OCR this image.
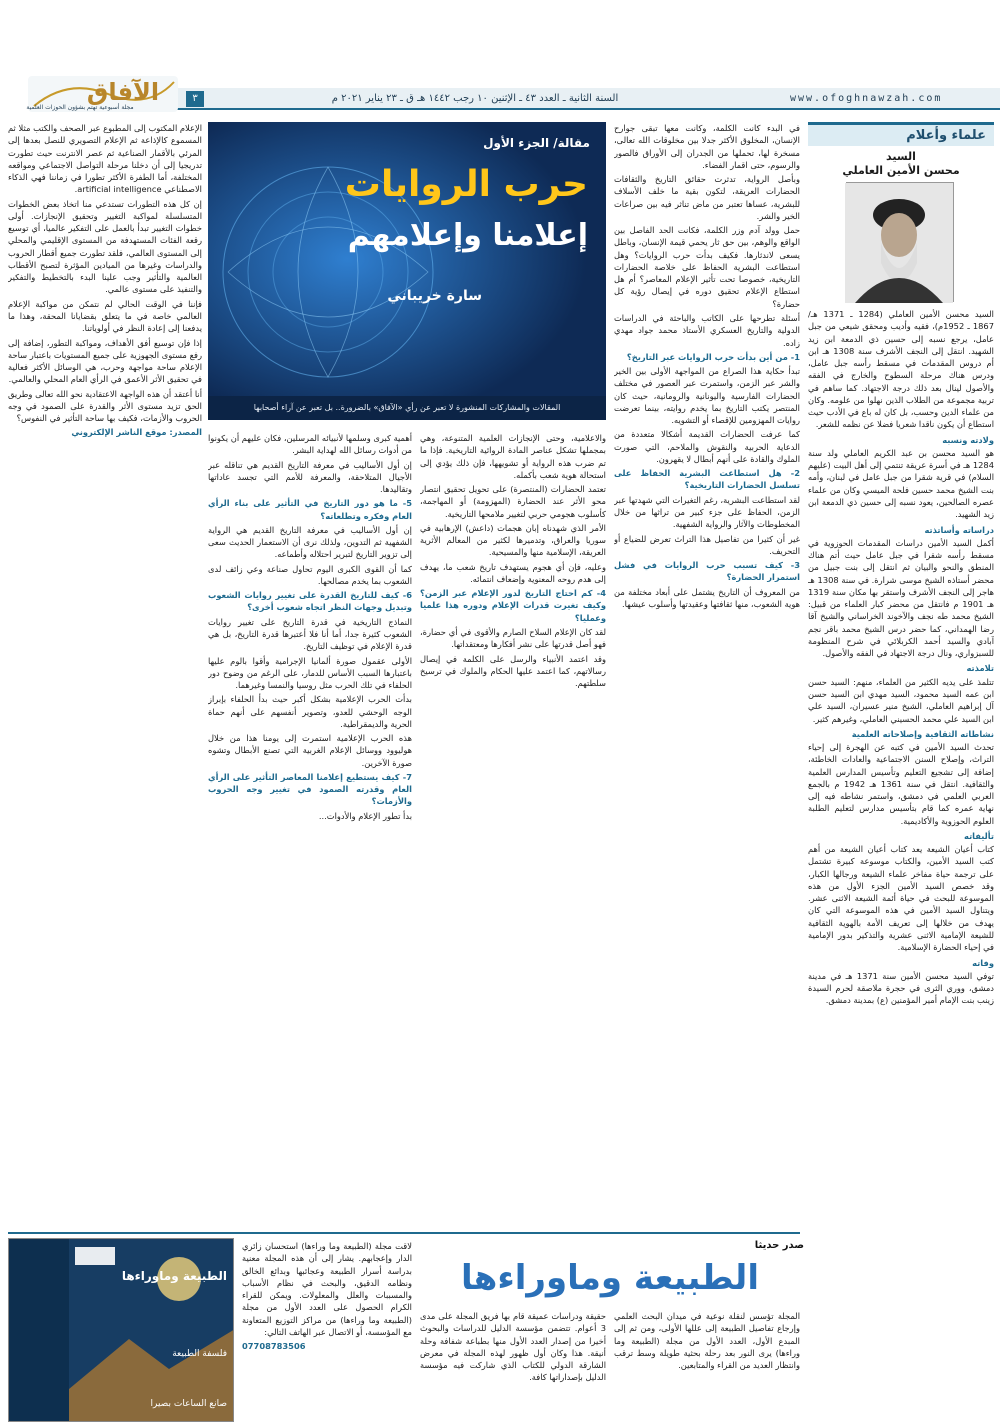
www.ofoghnawzah.com
السنة الثانية ـ العدد ٤٣ ـ الإثنين ١٠ رجب ١٤٤٢ هـ ق ـ ٢٣ يناير ٢٠٢١ م
٣
الآفاق
مجلة أسبوعية تهتم بشؤون الحوزات العلمية
علماء وأعلام
السيد
محسن الأمين العاملي

السيد محسن الأمين العاملي (1284 ـ 1371 هـ/ 1867 ـ 1952م)، فقيه وأديب ومحقق شيعي من جبل عامل، يرجع نسبه إلى حسين ذي الدمعة ابن زيد الشهيد. انتقل إلى النجف الأشرف سنة 1308 هـ ابن أم دروس المقدمات في مسقط رأسه جبل عامل، ودرس هناك مرحلة السطوح والخارج في الفقه والأصول لينال بعد ذلك درجة الاجتهاد. كما ساهم في تربية مجموعة من الطلاب الذين نهلوا من علومه. وكان من علماء الدين وحسب، بل كان له باع في الأدب حيث استطاع أن يكون ناقدا شعريا فضلا عن نظمه للشعر.

ولادته ونسبه

هو السيد محسن بن عبد الكريم العاملي ولد سنة 1284 هـ في أسرة عريقة تنتمي إلى أهل البيت (عليهم السلام) في قرية شقرا من جبل عامل في لبنان، وأمه بنت الشيخ محمد حسين فلحة الميسي وكان من علماء عصره الصالحين، يعود نسبه إلى حسين ذي الدمعة ابن زيد الشهيد.

دراساته وأساتذته

أكمل السيد الأمين دراسات المقدمات الحوزوية في مسقط رأسه شقرا في جبل عامل حيث أتم هناك المنطق والنحو والبيان ثم انتقل إلى بنت جبيل من محضر أستاذه الشيخ موسى شرارة. في سنة 1308 هـ هاجر إلى النجف الأشرف واستقر بها مكان سنة 1319 هـ 1901 م فانتقل من محضر كبار العلماء من قبيل: الشيخ محمد طه نجف والآخوند الخراساني والشيخ آقا رضا الهمداني، كما حضر درس الشيخ محمد باقر نجم آبادي والسيد أحمد الكربلائي في شرح المنظومة للسبزواري، ونال درجة الاجتهاد في الفقه والأصول.

تلامذته

تتلمذ على يديه الكثير من العلماء، منهم: السيد حسن ابن عمه السيد محمود، السيد مهدي ابن السيد حسن آل إبراهيم العاملي، الشيخ منير عسيران، السيد علي ابن السيد علي محمد الحسيني العاملي، وغيرهم كثير.

نشاطاته الثقافية وإصلاحاته العلمية

تحدث السيد الأمين في كتبه عن الهجرة إلى إحياء التراث، وإصلاح السنن الاجتماعية والعادات الخاطئة، إضافة إلى تشجيع التعليم وتأسيس المدارس العلمية والثقافية. انتقل في سنة 1361 هـ 1942 م بالجمع العربي العلمي في دمشق، واستمر نشاطه فيه إلى نهاية عمره كما قام بتأسيس مدارس لتعليم الطلبة العلوم الحوزوية والأكاديمية.

تأليفاته

كتاب أعيان الشيعة يعد كتاب أعيان الشيعة من أهم كتب السيد الأمين، والكتاب موسوعة كبيرة تشتمل على ترجمة حياة مفاخر علماء الشيعة ورجالها الكبار، وقد خصص السيد الأمين الجزء الأول من هذه الموسوعة للبحث في حياة أئمة الشيعة الاثنى عشر. ويتناول السيد الأمين في هذه الموسوعة التي كان يهدف من خلالها إلى تعريف الأمة بالهوية الثقافية للشيعة الإمامية الاثنى عشرية والتذكير بدور الإمامية في إحياء الحضارة الإسلامية.

وفاته

توفي السيد محسن الأمين سنة 1371 هـ في مدينة دمشق، ووري الثرى في حجرة ملاصقة لحرم السيدة زينب بنت الإمام أمير المؤمنين (ع) بمدينة دمشق.

مقالة/ الجزء الأول
حرب الروايات
إعلامنا وإعلامهم
سارة خريباني
المقالات والمشاركات المنشورة لا تعبر عن رأي «الآفاق» بالضرورة.. بل تعبر عن آراء أصحابها

في البدء كانت الكلمة، وكانت معها تبقى جوارح الإنسان، المخلوق الأكثر جدلا بين مخلوقات الله تعالى، مسخرة لها، تحملها من الجدران إلى الأوراق فالصور والرسوم، حتى اقمار الفضاء.

وبأصل الرواية، تدثرت حقائق التاريخ والثقافات الحضارات العريقة، لتكون بقية ما خلف الأسلاف للبشرية، عساها تعتبر من ماض تناثر فيه بين صراعات الخير والشر.

حمل وولد آدم وزر الكلمة، فكانت الحد الفاصل بين الواقع والوهم، بين حق ثار يحمي قيمة الإنسان، وباطل يسعى لاندثارها. فكيف بدأت حرب الروايات؟ وهل استطاعت البشرية الحفاظ على خلاصة الحضارات التاريخية، خصوصا تحت تأثير الإعلام المعاصر؟ أم هل استطاع الإعلام تحقيق دوره في إيصال رؤية كل حضارة؟

أسئلة تطرحها على الكاتب والباحثة في الدراسات الدولية والتاريخ العسكري الأستاذ محمد جواد مهدي زاده.

1- من أين بدأت حرب الروايات عبر التاريخ؟

تبدأ حكاية هذا الصراع من المواجهة الأولى بين الخير والشر عبر الزمن، واستمرت عبر العصور في مختلف الحضارات الفارسية واليونانية والرومانية، حيث كان المنتصر يكتب التاريخ بما يخدم روايته، بينما تعرضت روايات المهزومين للإقصاء أو التشويه.

كما عرفت الحضارات القديمة أشكالا متعددة من الدعاية الحربية والنقوش والملاحم، التي صورت الملوك والقادة على أنهم أبطال لا يقهرون.

2- هل استطاعت البشرية الحفاظ على تسلسل الحضارات التاريخية؟

لقد استطاعت البشرية، رغم التغيرات التي شهدتها عبر الزمن، الحفاظ على جزء كبير من تراثها من خلال المخطوطات والآثار والرواية الشفهية.

غير أن كثيرا من تفاصيل هذا التراث تعرض للضياع أو التحريف.

3- كيف تسبب حرب الروايات في فشل استمرار الحضارة؟

من المعروف أن التاريخ يشتمل على أبعاد مختلفة من هوية الشعوب، منها ثقافتها وعقيدتها وأسلوب عيشها.

والاعلامية، وحتى الإنجازات العلمية المتنوعة، وهي بمجملها تشكل عناصر المادة الروائية التاريخية. فإذا ما تم ضرب هذه الرواية أو تشويهها، فإن ذلك يؤدي إلى استحالة هوية شعب بأكمله.

تعتمد الحضارات (المنتصرة) على تحويل تحقيق انتصار محو الأثر عند الحضارة (المهزومة) أو المهاجمة، كأسلوب هجومي حربي لتغيير ملامحها التاريخية.

الأمر الذي شهدناه إبان هجمات (داعش) الإرهابية في سوريا والعراق، وتدميرها لكثير من المعالم الأثرية العريقة، الإسلامية منها والمسيحية.

وعليه، فإن أي هجوم يستهدف تاريخ شعب ما، يهدف إلى هدم روحه المعنوية وإضعاف انتمائه.

4- كم احتاج التاريخ لدور الإعلام عبر الزمن؟ وكيف تغيرت قدرات الإعلام ودوره هذا علميا وعمليا؟

لقد كان الإعلام السلاح الصارم والأقوى في أي حضارة، فهو أصل قدرتها على نشر أفكارها ومعتقداتها.

وقد اعتمد الأنبياء والرسل على الكلمة في إيصال رسالاتهم، كما اعتمد عليها الحكام والملوك في ترسيخ سلطتهم.

أهمية كبرى وسلمها لأنبيائه المرسلين، فكان عليهم أن يكونوا من أدوات رسائل الله لهداية البشر.

إن أول الأساليب في معرفة التاريخ القديم هي تناقله عبر الأجيال المتلاحقة، والمعرفة للأمم التي تجسد عاداتها وتقاليدها.

5- ما هو دور التاريخ في التأثير على بناء الرأي العام وفكره وتطلعاته؟

إن أول الأساليب في معرفة التاريخ القديم هي الرواية الشفهية ثم التدوين، ولذلك نرى أن الاستعمار الحديث سعى إلى تزوير التاريخ لتبرير احتلاله وأطماعه.

كما أن القوى الكبرى اليوم تحاول صناعة وعي زائف لدى الشعوب بما يخدم مصالحها.

6- كيف للتاريخ القدرة على تغيير روايات الشعوب وتبديل وجهات النظر اتجاه شعوب أخرى؟

النماذج التاريخية في قدرة التاريخ على تغيير روايات الشعوب كثيرة جدا، أما أنا فلا أعتبرها قدرة التاريخ، بل هي قدرة الإعلام في توظيف التاريخ.

الأولى عقمول صورة ألمانيا الإجرامية وأقوا بالوم عليها باعتبارها السبب الأساس للدمار، على الرغم من وضوح دور الحلفاء في تلك الحرب مثل روسيا والنمسا وغيرهما.

بدأت الحرب الإعلامية بشكل أكبر حيث بدأ الحلفاء بإبراز الوجه الوحشي للعدو، وتصوير أنفسهم على أنهم حماة الحرية والديمقراطية.

هذه الحرب الإعلامية استمرت إلى يومنا هذا من خلال هوليوود ووسائل الإعلام الغربية التي تصنع الأبطال وتشوه صورة الآخرين.

7- كيف يستطيع إعلامنا المعاصر التأثير على الرأي العام وقدرته الصمود في تغيير وجه الحروب والأزمات؟

بدأ تطور الإعلام والأدوات...

الإعلام المكتوب إلى المطبوع عبر الصحف والكتب مثلا ثم المسموع كالإذاعة ثم الإعلام التصويري للنصل بعدها إلى المرئي بالأقمار الصناعية ثم عصر الانترنت حيث تطورت تدريجيا إلى أن دخلنا مرحلة التواصل الاجتماعي ومواقعه المختلفة، أما الطفرة الأكثر تطورا في زماننا فهي الذكاء الاصطناعي artificial intelligence.

إن كل هذه التطورات تستدعي منا اتخاذ بعض الخطوات المتسلسلة لمواكبة التغيير وتحقيق الإنجازات. أولى خطوات التغيير تبدأ بالعمل على التفكير عالميا، أي توسيع رقعة الفئات المستهدفة من المستوى الإقليمي والمحلي إلى المستوى العالمي، فلقد تطورت جميع أقطار الحروب والدراسات وغيرها من الميادين المؤثرة لتصبح الأقطاب العالمية والتأثير وجب علينا البدء بالتخطيط والتفكير والتنفيذ على مستوى عالمي.

فإننا في الوقت الحالي لم نتمكن من مواكبة الإعلام العالمي خاصة في ما يتعلق بقضايانا المحقة، وهذا ما يدفعنا إلى إعادة النظر في أولوياتنا.

إذا فإن توسيع أفق الأهداف، ومواكبة التطور، إضافة إلى رفع مستوى الجهوزية على جميع المستويات باعتبار ساحة الإعلام ساحة مواجهة وحرب، هي الوسائل الأكثر فعالية في تحقيق الأثر الأعمق في الرأي العام المحلي والعالمي.

أنا أعتقد أن هذه الواجهة الاعتقادية نحو الله تعالى وطريق الحق تزيد مستوى الأثر والقدرة على الصمود في وجه الحروب والأزمات، فكيف بها ساحة التأثير في النفوس؟

المصدر: موقع الناشر الإلكتروني

صدر حديثا
الطبيعة وماوراءها

المجلة تؤسس لنقلة نوعية في ميدان البحث العلمي وإرجاع تفاصيل الطبيعة إلى عللها الأولى، ومن ثم إلى المبدع الأول، العدد الأول من مجلة (الطبيعة وما وراءها) يرى النور بعد رحلة بحثية طويلة وسط ترقب وانتظار العديد من القراء والمتابعين.

حقيقة ودراسات عميقة قام بها فريق المجلة على مدى 3 أعوام. تتضمن مؤسسة الدليل للدراسات والبحوث أخيرا من إصدار العدد الأول منها بطباعة شفافة وحلة أنيقة. هذا وكان أول ظهور لهذه المجلة في معرض الشارقة الدولي للكتاب الذي شاركت فيه مؤسسة الدليل بإصداراتها كافة.

لاقت مجلة (الطبيعة وما وراءها) استحسان زائري الدار وإعجابهم. يشار إلى أن هذه المجلة معنية بدراسة أسرار الطبيعة وعجائبها وبدائع الخالق ونظامه الدقيق، والبحث في نظام الأسباب والمسببات والعلل والمعلولات. ويمكن للقراء الكرام الحصول على العدد الأول من مجلة (الطبيعة وما وراءها) من مراكز التوزيع المتعاونة مع المؤسسة، أو الاتصال عبر الهاتف التالي:

07708783506

الطبيعة وماوراءها
فلسفة الطبيعة
صانع الساعات بصيرا
